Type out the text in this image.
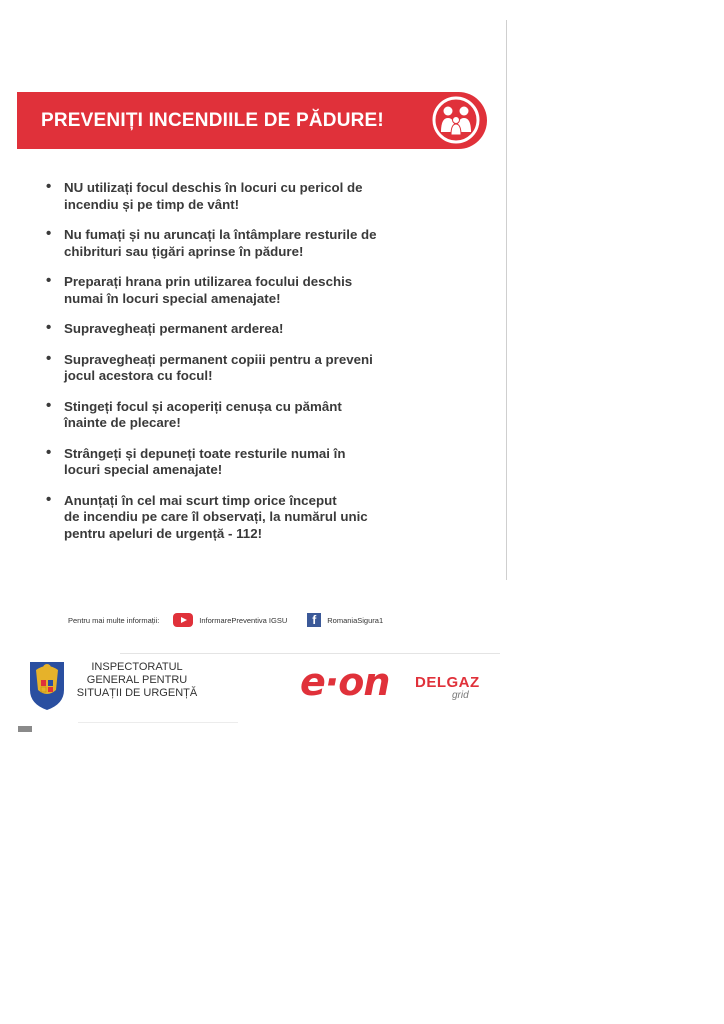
PREVENIȚI INCENDIILE DE PĂDURE!
• NU utilizați focul deschis în locuri cu pericol de
incendiu și pe timp de vânt!
• Nu fumați și nu aruncați la întâmplare resturile de
chibrituri sau țigări aprinse în pădure!
• Preparați hrana prin utilizarea focului deschis
numai în locuri special amenajate!
• Supravegheați permanent arderea!
• Supravegheați permanent copiii pentru a preveni
jocul acestora cu focul!
• Stingeți focul și acoperiți cenușa cu pământ
înainte de plecare!
• Strângeți și depuneți toate resturile numai în
locuri special amenajate!
• Anunțați în cel mai scurt timp orice început
de incendiu pe care îl observați, la numărul unic
pentru apeluri de urgență - 112!
Pentru mai multe informații:	InformarePreventiva IGSU	f	RomaniaSigura1
INSPECTORATUL
GENERAL PENTRU
SITUAȚII DE URGENȚĂ	e·on DELGAZ
grid
